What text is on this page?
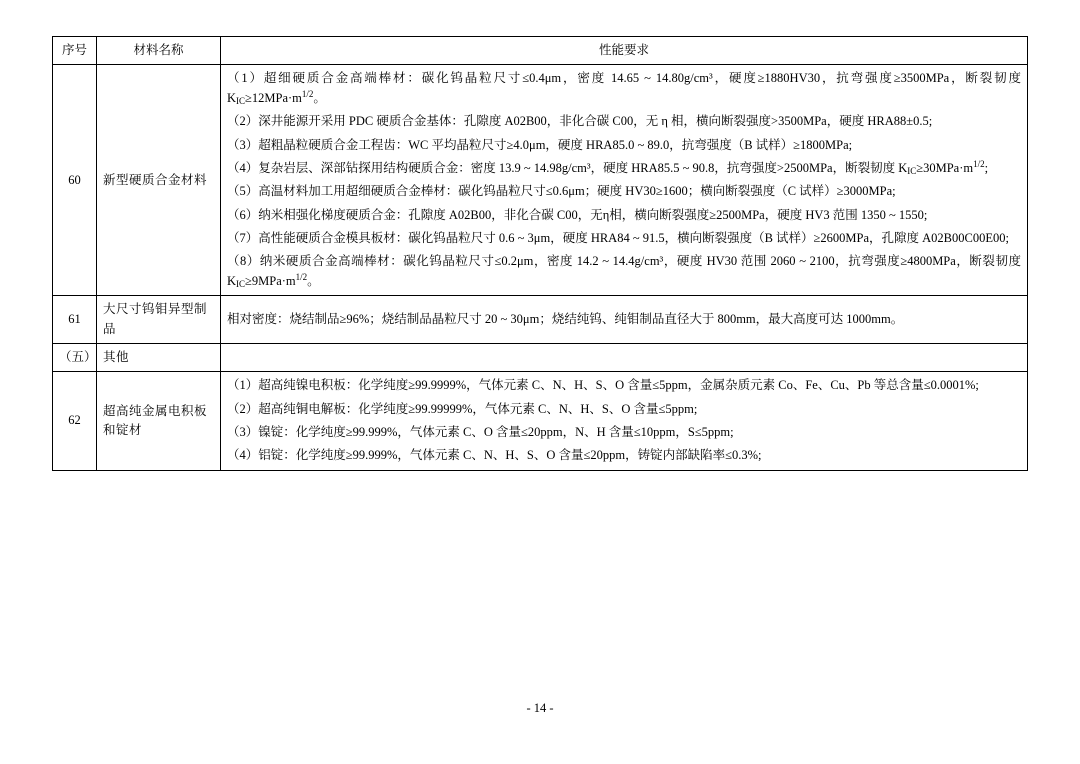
序号	材料名称	性能要求
60	新型硬质合金材料	

（1）超细硬质合金高端棒材：碳化钨晶粒尺寸≤0.4μm，密度 14.65 ~ 14.80g/cm³，硬度≥1880HV30，抗弯强度≥3500MPa，断裂韧度 $K_{IC}\ge 12MPa\cdot m^{1/2}$。

（2）深井能源开采用 PDC 硬质合金基体：孔隙度 A02B00，非化合碳 C00，无 η 相，横向断裂强度>3500MPa，硬度 HRA88±0.5;

（3）超粗晶粒硬质合金工程齿：WC 平均晶粒尺寸≥4.0μm，硬度 HRA85.0 ~ 89.0，抗弯强度（B 试样）≥1800MPa;

（4）复杂岩层、深部钻探用结构硬质合金：密度 13.9 ~ 14.98g/cm³，硬度 HRA85.5 ~ 90.8，抗弯强度>2500MPa，断裂韧度 $K_{IC}\ge 30MPa\cdot m^{1/2}$;

（5）高温材料加工用超细硬质合金棒材：碳化钨晶粒尺寸≤0.6μm；硬度 HV30≥1600；横向断裂强度（C 试样）≥3000MPa;

（6）纳米相强化梯度硬质合金：孔隙度 A02B00，非化合碳 C00，无η相，横向断裂强度≥2500MPa，硬度 HV3 范围 1350 ~ 1550;

（7）高性能硬质合金模具板材：碳化钨晶粒尺寸 0.6 ~ 3μm，硬度 HRA84 ~ 91.5，横向断裂强度（B 试样）≥2600MPa，孔隙度 A02B00C00E00;

（8）纳米硬质合金高端棒材：碳化钨晶粒尺寸≤0.2μm，密度 14.2 ~ 14.4g/cm³，硬度 HV30 范围 2060 ~ 2100，抗弯强度≥4800MPa，断裂韧度 $K_{IC}\ge 9MPa\cdot m^{1/2}$。

61	大尺寸钨钼异型制品	相对密度：烧结制品≥96%；烧结制品晶粒尺寸 20 ~ 30μm；烧结纯钨、纯钼制品直径大于 800mm，最大高度可达 1000mm。

（五）	其他	
62	超高纯金属电积板和锭材	（1）超高纯镍电积板：化学纯度≥99.9999%，气体元素 C、N、H、S、O 含量≤5ppm，金属杂质元素 Co、Fe、Cu、Pb 等总含量≤0.0001%;

（2）超高纯铜电解板：化学纯度≥99.99999%，气体元素 C、N、H、S、O 含量≤5ppm;

（3）镍锭：化学纯度≥99.999%，气体元素 C、O 含量≤20ppm，N、H 含量≤10ppm，S≤5ppm;

（4）铝锭：化学纯度≥99.999%，气体元素 C、N、H、S、O 含量≤20ppm，铸锭内部缺陷率≤0.3%;

- 14 -
